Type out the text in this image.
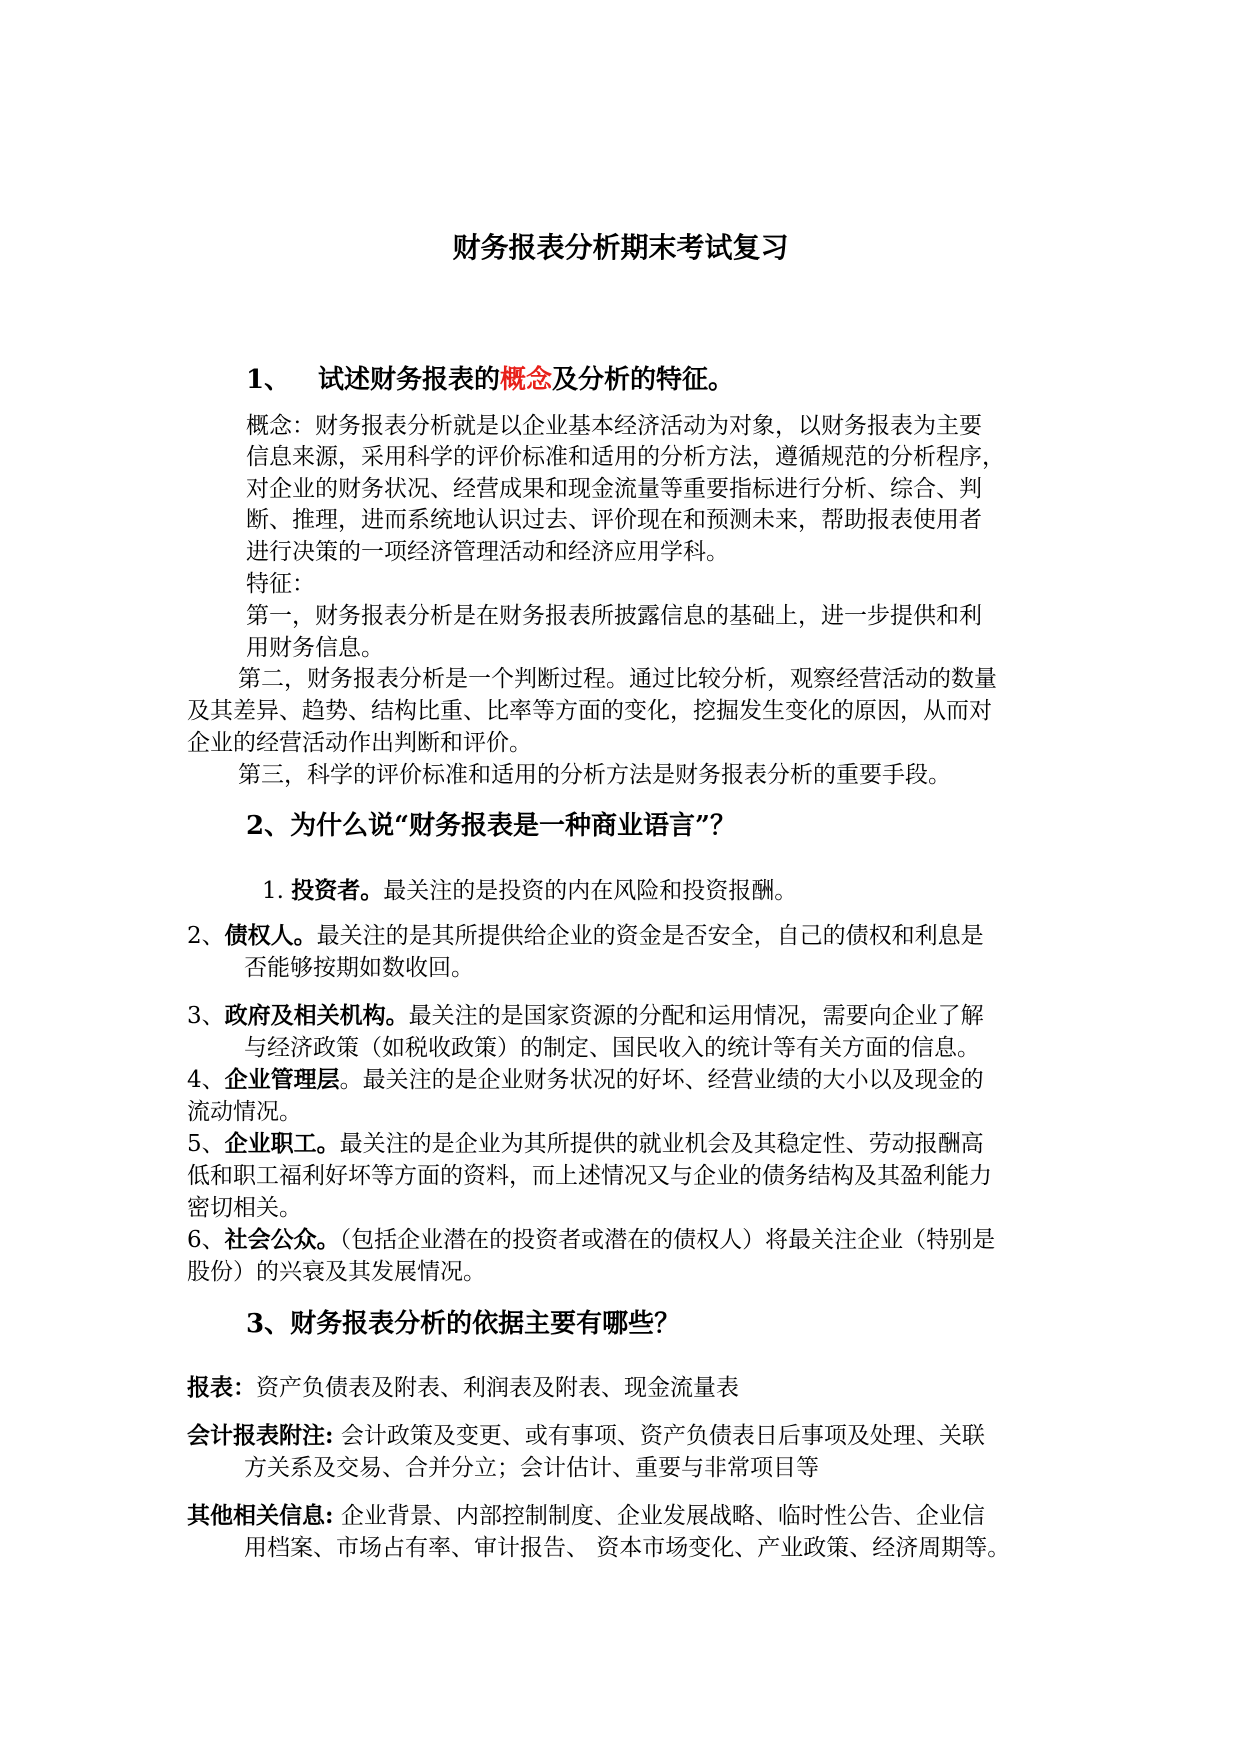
财务报表分析期末考试复习
1、 试述财务报表的概念及分析的特征。
概念：财务报表分析就是以企业基本经济活动为对象，以财务报表为主要
信息来源，采用科学的评价标准和适用的分析方法，遵循规范的分析程序，
对企业的财务状况、经营成果和现金流量等重要指标进行分析、综合、判
断、推理，进而系统地认识过去、评价现在和预测未来，帮助报表使用者
进行决策的一项经济管理活动和经济应用学科。
特征：
第一，财务报表分析是在财务报表所披露信息的基础上，进一步提供和利
用财务信息。
第二，财务报表分析是一个判断过程。通过比较分析，观察经营活动的数量
及其差异、趋势、结构比重、比率等方面的变化，挖掘发生变化的原因，从而对
企业的经营活动作出判断和评价。
第三，科学的评价标准和适用的分析方法是财务报表分析的重要手段。
2、为什么说“财务报表是一种商业语言”？
1. 投资者。最关注的是投资的内在风险和投资报酬。
2、债权人。最关注的是其所提供给企业的资金是否安全，自己的债权和利息是
否能够按期如数收回。
3、政府及相关机构。最关注的是国家资源的分配和运用情况，需要向企业了解
与经济政策（如税收政策）的制定、国民收入的统计等有关方面的信息。
4、企业管理层。最关注的是企业财务状况的好坏、经营业绩的大小以及现金的
流动情况。
5、企业职工。最关注的是企业为其所提供的就业机会及其稳定性、劳动报酬高
低和职工福利好坏等方面的资料，而上述情况又与企业的债务结构及其盈利能力
密切相关。
6、社会公众。（包括企业潜在的投资者或潜在的债权人）将最关注企业（特别是
股份）的兴衰及其发展情况。
3、财务报表分析的依据主要有哪些？
报表：资产负债表及附表、利润表及附表、现金流量表
会计报表附注: 会计政策及变更、或有事项、资产负债表日后事项及处理、关联
方关系及交易、合并分立；会计估计、重要与非常项目等
其他相关信息: 企业背景、内部控制制度、企业发展战略、临时性公告、企业信
用档案、市场占有率、审计报告、 资本市场变化、产业政策、经济周期等。
